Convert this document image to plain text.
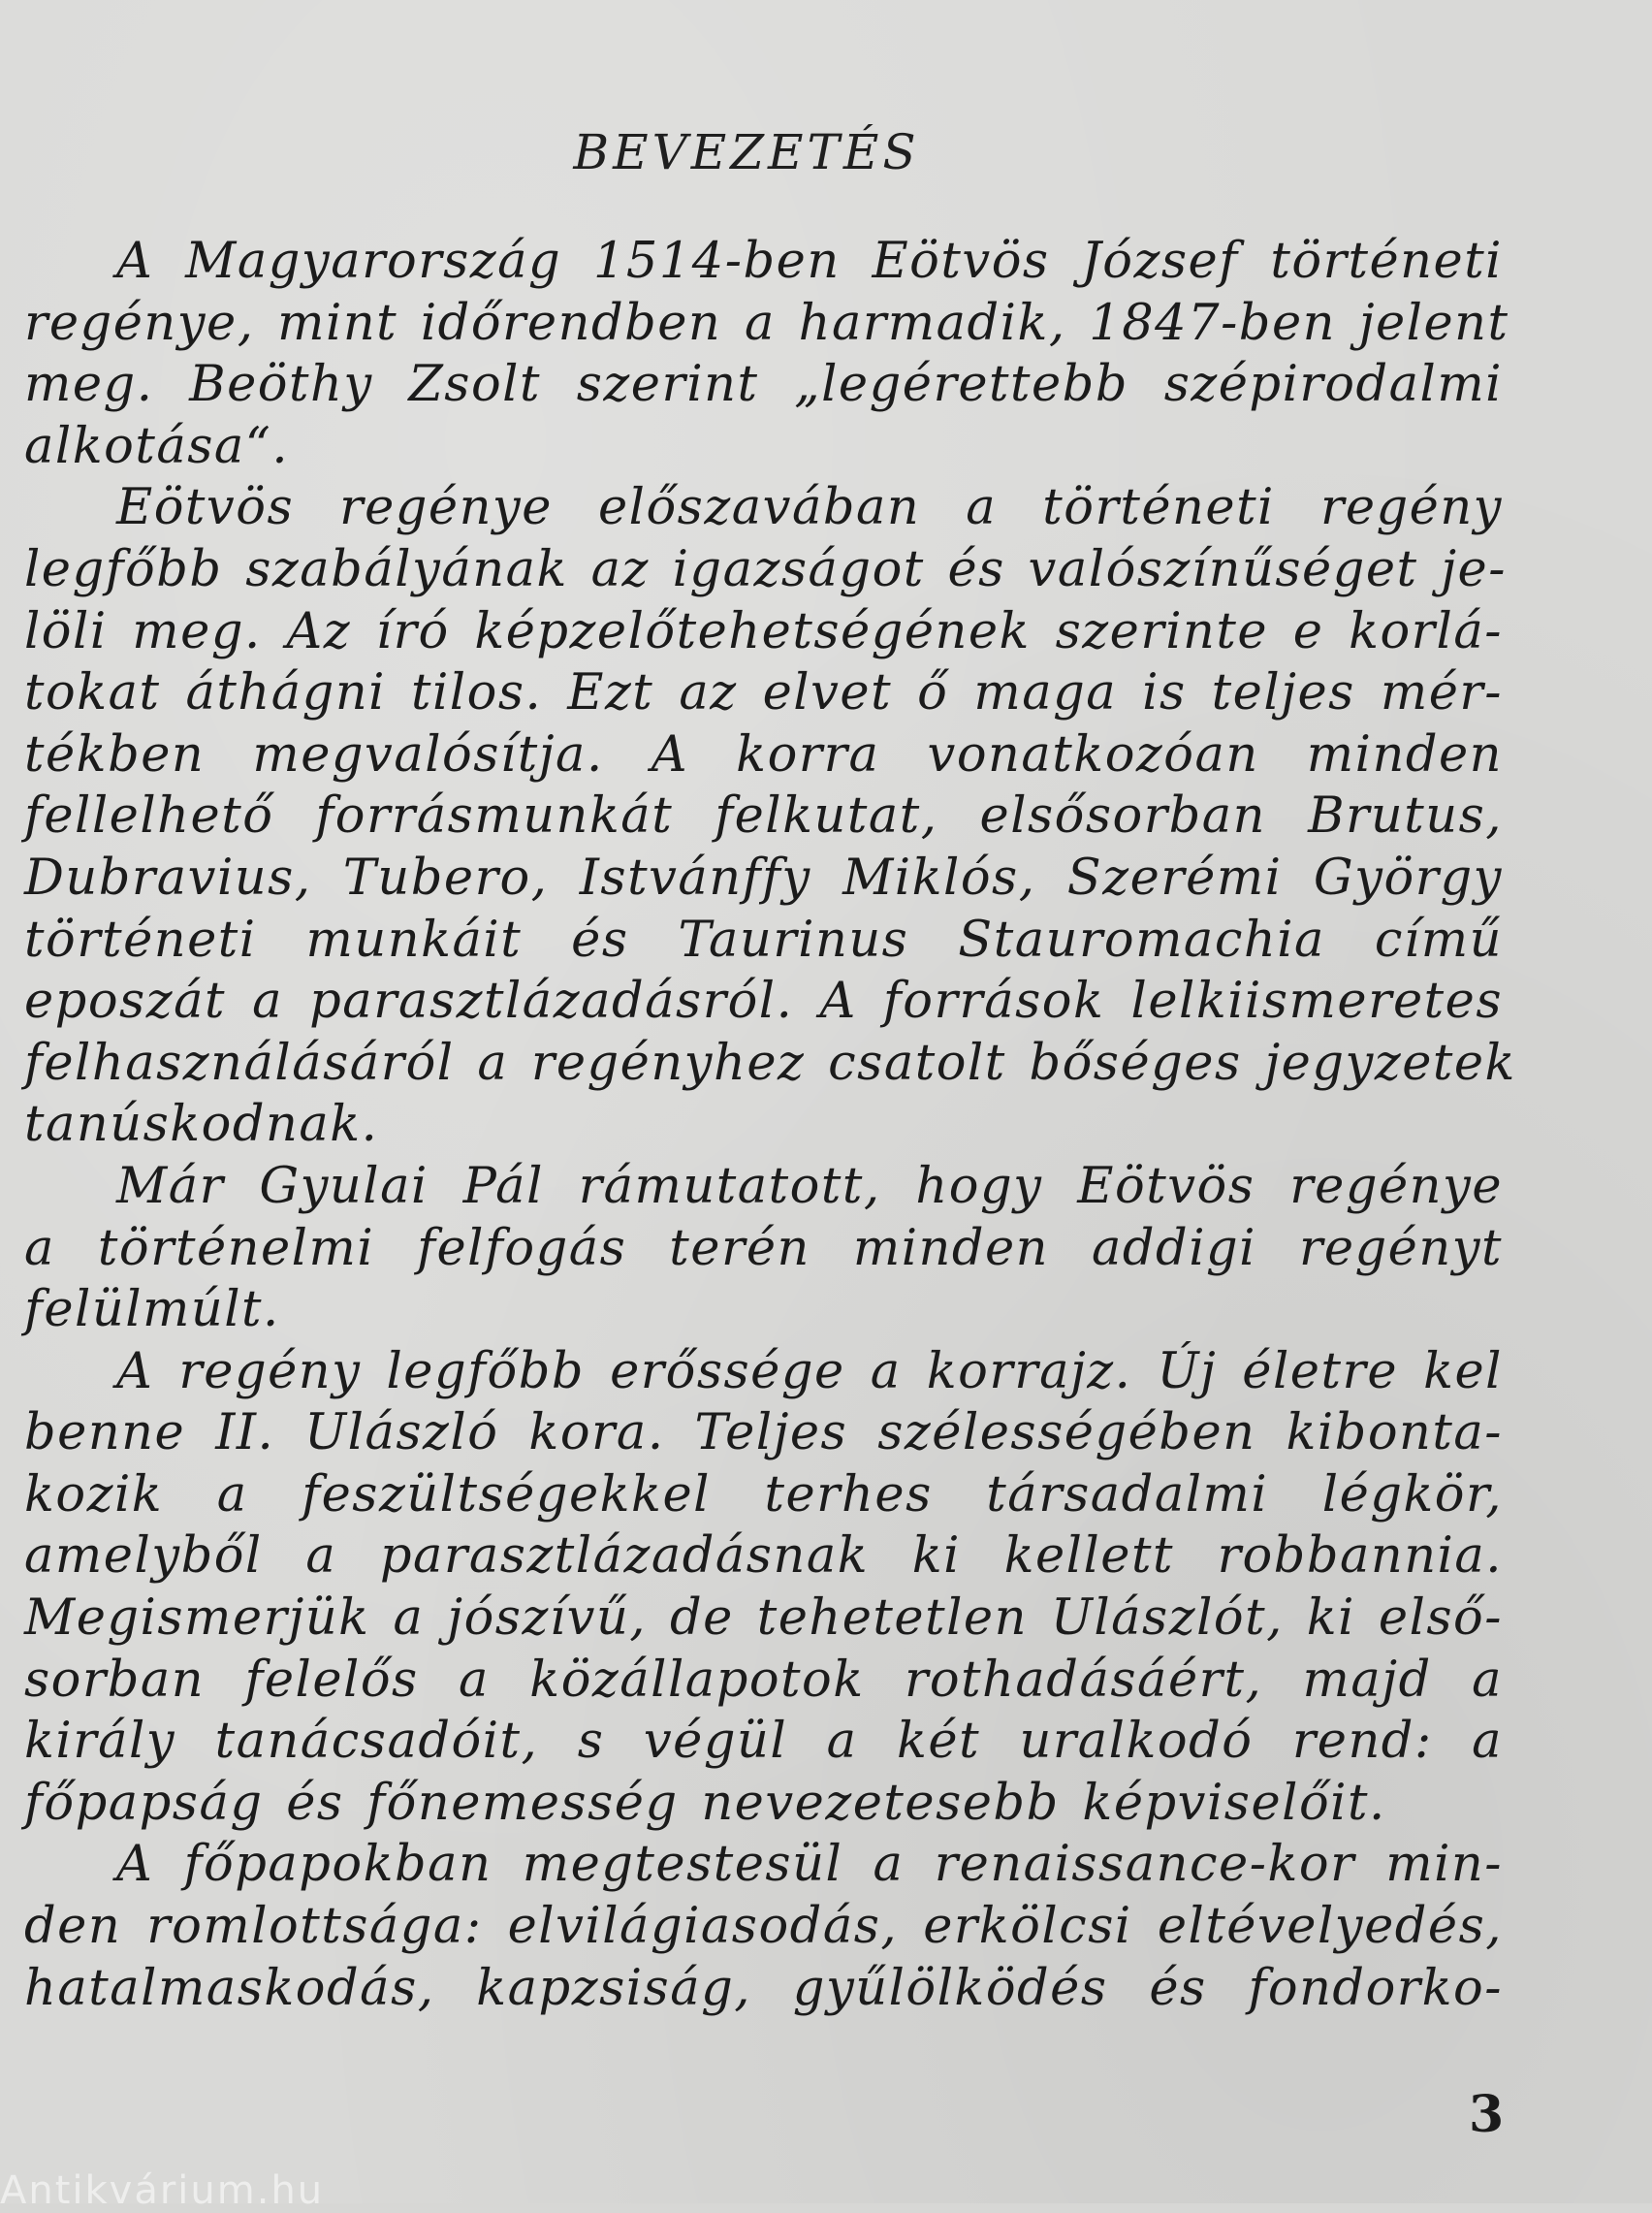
BEVEZETÉS
A Magyarország 1514-ben Eötvös József történeti
regénye, mint időrendben a harmadik, 1847-ben jelent
meg. Beöthy Zsolt szerint „legérettebb szépirodalmi
alkotása“.
Eötvös regénye előszavában a történeti regény
legfőbb szabályának az igazságot és valószínűséget je-
löli meg. Az író képzelőtehetségének szerinte e korlá-
tokat áthágni tilos. Ezt az elvet ő maga is teljes mér-
tékben megvalósítja. A korra vonatkozóan minden
fellelhető forrásmunkát felkutat, elsősorban Brutus,
Dubravius, Tubero, Istvánffy Miklós, Szerémi György
történeti munkáit és Taurinus Stauromachia című
eposzát a parasztlázadásról. A források lelkiismeretes
felhasználásáról a regényhez csatolt bőséges jegyzetek
tanúskodnak.
Már Gyulai Pál rámutatott, hogy Eötvös regénye
a történelmi felfogás terén minden addigi regényt
felülmúlt.
A regény legfőbb erőssége a korrajz. Új életre kel
benne II. Ulászló kora. Teljes szélességében kibonta-
kozik a feszültségekkel terhes társadalmi légkör,
amelyből a parasztlázadásnak ki kellett robbannia.
Megismerjük a jószívű, de tehetetlen Ulászlót, ki első-
sorban felelős a közállapotok rothadásáért, majd a
király tanácsadóit, s végül a két uralkodó rend: a
főpapság és főnemesség nevezetesebb képviselőit.
A főpapokban megtestesül a renaissance-kor min-
den romlottsága: elvilágiasodás, erkölcsi eltévelyedés,
hatalmaskodás, kapzsiság, gyűlölködés és fondorko-
3
Antikvárium.hu
